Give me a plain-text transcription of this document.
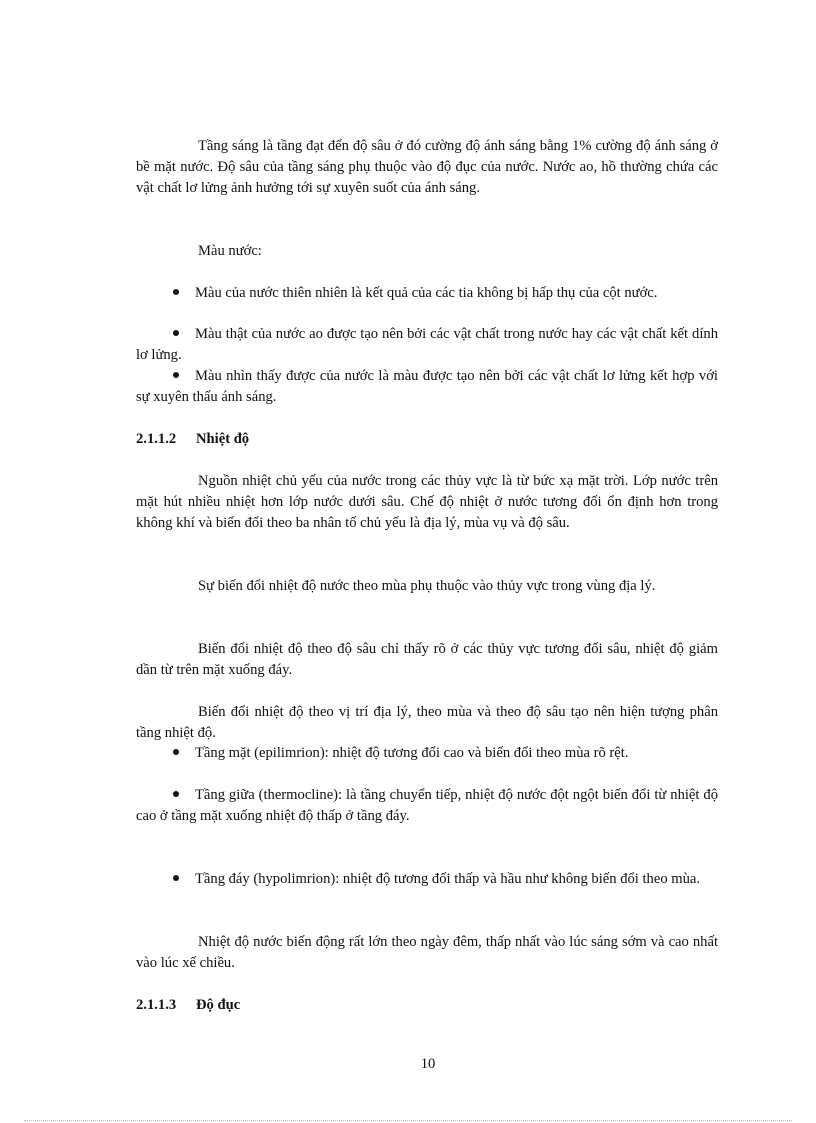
Tầng sáng là tầng đạt đến độ sâu ở đó cường độ ánh sáng bằng 1% cường độ ánh sáng ở bề mặt nước. Độ sâu của tầng sáng phụ thuộc vào độ đục của nước. Nước ao, hồ thường chứa các vật chất lơ lửng ảnh hưởng tới sự xuyên suốt của ánh sáng.

Màu nước:

Màu của nước thiên nhiên là kết quả của các tia không bị hấp thụ của cột nước.

Màu thật của nước ao được tạo nên bởi các vật chất trong nước hay các vật chất kết dính lơ lửng.

Màu nhìn thấy được của nước là màu được tạo nên bởi các vật chất lơ lửng kết hợp với sự xuyên thấu ánh sáng.

2.1.1.2 Nhiệt độ

Nguồn nhiệt chủ yếu của nước trong các thủy vực là từ bức xạ mặt trời. Lớp nước trên mặt hút nhiều nhiệt hơn lớp nước dưới sâu. Chế độ nhiệt ở nước tương đối ổn định hơn trong không khí và biến đổi theo ba nhân tố chủ yếu là địa lý, mùa vụ và độ sâu.

Sự biến đổi nhiệt độ nước theo mùa phụ thuộc vào thủy vực trong vùng địa lý.

Biến đổi nhiệt độ theo độ sâu chỉ thấy rõ ở các thủy vực tương đối sâu, nhiệt độ giảm dần từ trên mặt xuống đáy.

Biến đổi nhiệt độ theo vị trí địa lý, theo mùa và theo độ sâu tạo nên hiện tượng phân tầng nhiệt độ.

Tầng mặt (epilimrion): nhiệt độ tương đối cao và biến đổi theo mùa rõ rệt.

Tầng giữa (thermocline): là tầng chuyển tiếp, nhiệt độ nước đột ngột biến đổi từ nhiệt độ cao ở tầng mặt xuống nhiệt độ thấp ở tầng đáy.

Tầng đáy (hypolimrion): nhiệt độ tương đối thấp và hầu như không biến đổi theo mùa.

Nhiệt độ nước biến động rất lớn theo ngày đêm, thấp nhất vào lúc sáng sớm và cao nhất vào lúc xế chiều.

2.1.1.3 Độ đục
10
